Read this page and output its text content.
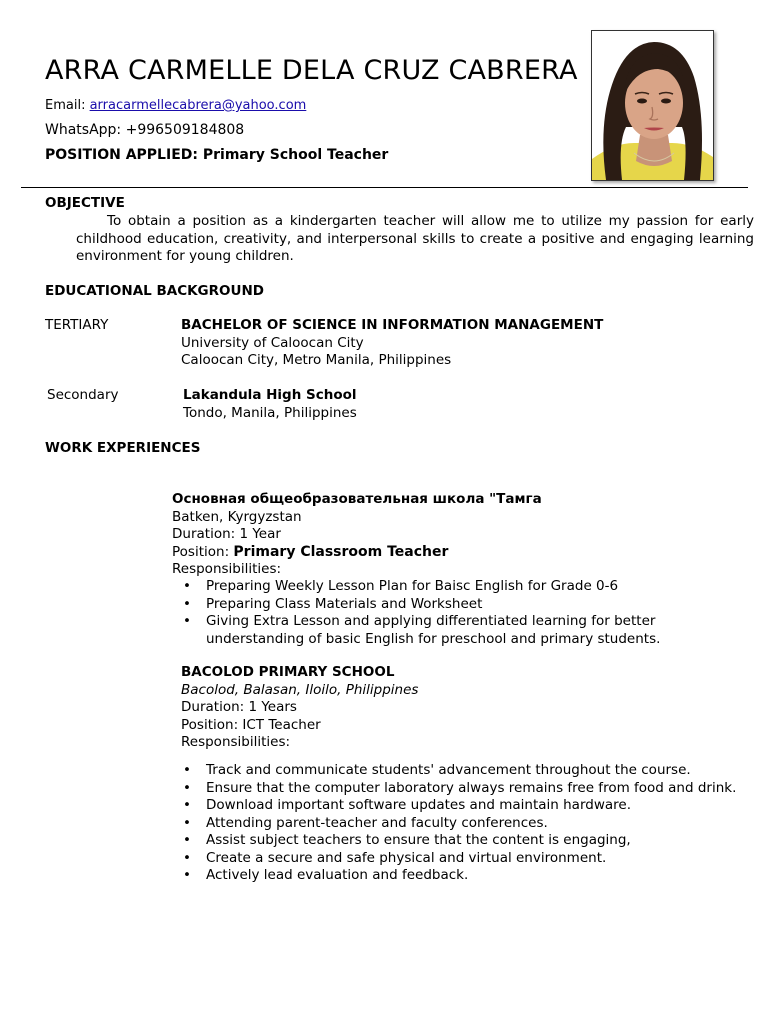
ARRA CARMELLE DELA CRUZ CABRERA
Email: arracarmellecabrera@yahoo.com
WhatsApp: +996509184808
POSITION APPLIED: Primary School Teacher
OBJECTIVE
To obtain a position as a kindergarten teacher will allow me to utilize my passion for early childhood education, creativity, and interpersonal skills to create a positive and engaging learning environment for young children.
EDUCATIONAL BACKGROUND
TERTIARY	BACHELOR OF SCIENCE IN INFORMATION MANAGEMENT
University of Caloocan City
Caloocan City, Metro Manila, Philippines
Secondary	Lakandula High School
Tondo, Manila, Philippines
WORK EXPERIENCES
Основная общеобразовательная школа "Тамга
Batken, Kyrgyzstan
Duration: 1 Year
Position: Primary Classroom Teacher
Responsibilities:
• Preparing Weekly Lesson Plan for Baisc English for Grade 0-6
• Preparing Class Materials and Worksheet
• Giving Extra Lesson and applying differentiated learning for better understanding of basic English for preschool and primary students.
BACOLOD PRIMARY SCHOOL
Bacolod, Balasan, Iloilo, Philippines
Duration: 1 Years
Position: ICT Teacher
Responsibilities:
• Track and communicate students' advancement throughout the course.
• Ensure that the computer laboratory always remains free from food and drink.
• Download important software updates and maintain hardware.
• Attending parent-teacher and faculty conferences.
• Assist subject teachers to ensure that the content is engaging,
• Create a secure and safe physical and virtual environment.
• Actively lead evaluation and feedback.
